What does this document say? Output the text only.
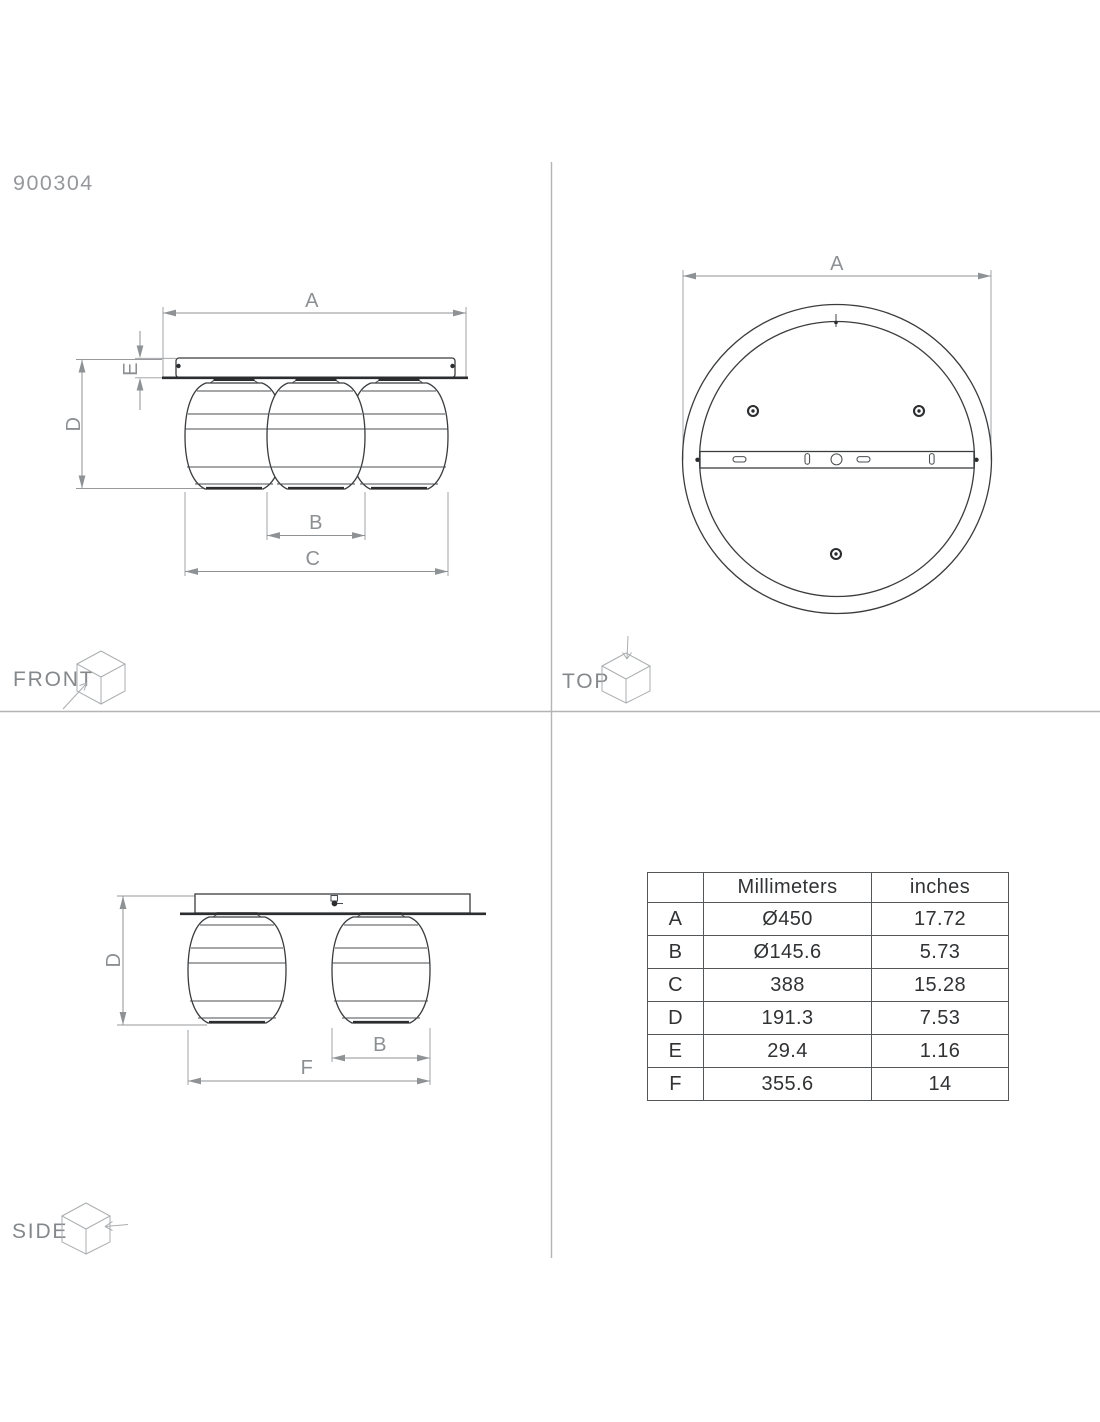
900304
A
E
D
B
C
FRONT
A
TOP
D
B
F
SIDE
	Millimeters	inches
A	Ø450	17.72
B	Ø145.6	5.73
C	388	15.28
D	191.3	7.53
E	29.4	1.16
F	355.6	14
